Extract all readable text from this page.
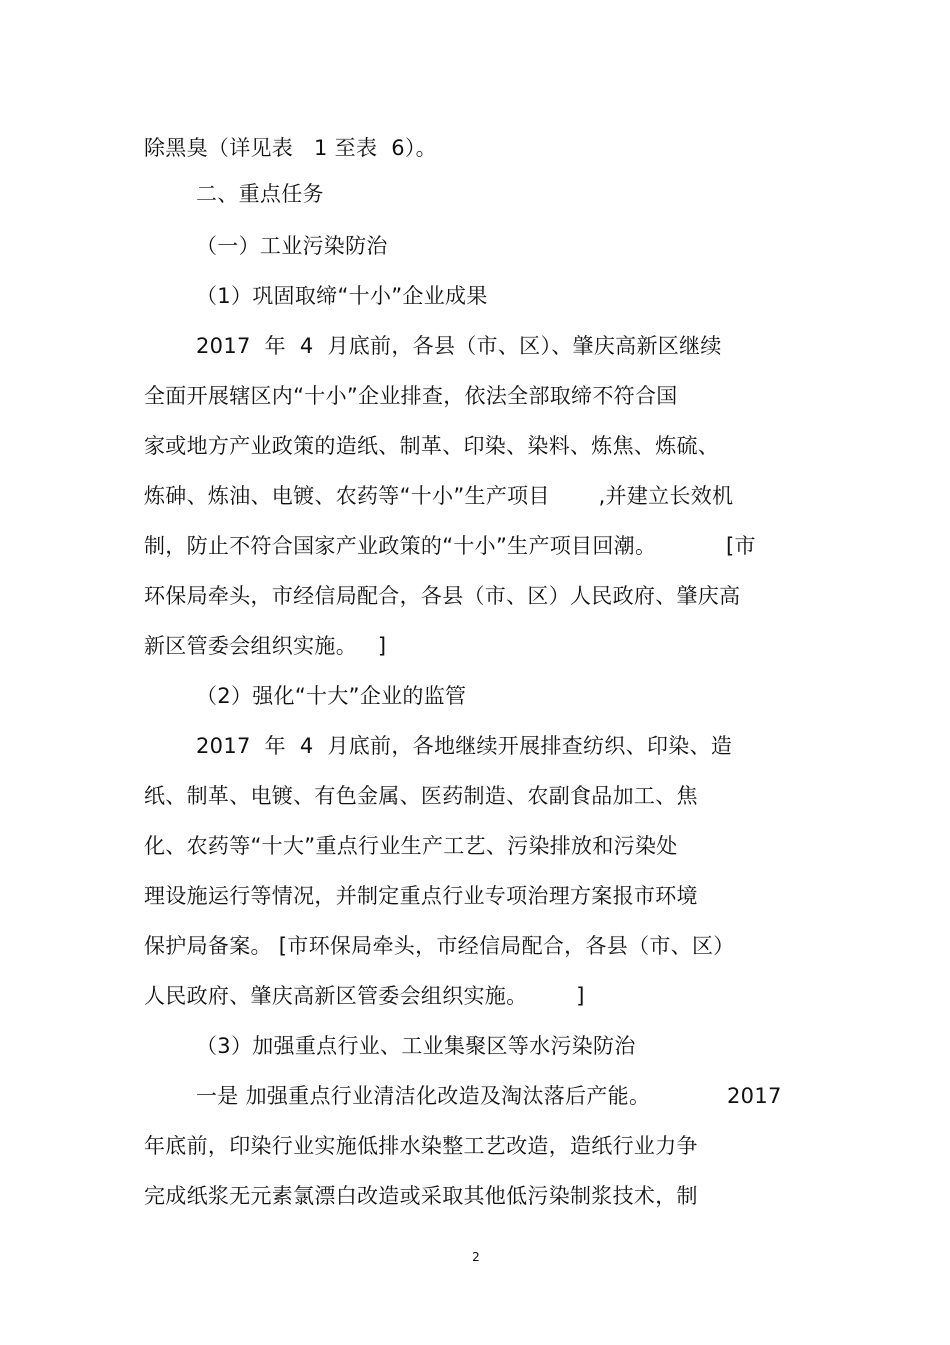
除黑臭（详见表   1 至表  6）。
二、重点任务
（一）工业污染防治
（1）巩固取缔“十小”企业成果
2017  年  4  月底前，各县（市、区）、肇庆高新区继续
全面开展辖区内“十小”企业排查，依法全部取缔不符合国
家或地方产业政策的造纸、制革、印染、染料、炼焦、炼硫、
炼砷、炼油、电镀、农药等“十小”生产项目       ,并建立长效机
制，防止不符合国家产业政策的“十小”生产项目回潮。          [市
环保局牵头，市经信局配合，各县（市、区）人民政府、肇庆高
新区管委会组织实施。   ]
（2）强化“十大”企业的监管
2017  年  4  月底前，各地继续开展排查纺织、印染、造
纸、制革、电镀、有色金属、医药制造、农副食品加工、焦
化、农药等“十大”重点行业生产工艺、污染排放和污染处
理设施运行等情况，并制定重点行业专项治理方案报市环境
保护局备案。 [市环保局牵头，市经信局配合，各县（市、区）
人民政府、肇庆高新区管委会组织实施。       ]
（3）加强重点行业、工业集聚区等水污染防治
一是 加强重点行业清洁化改造及淘汰落后产能。           2017
年底前，印染行业实施低排水染整工艺改造，造纸行业力争
完成纸浆无元素氯漂白改造或采取其他低污染制浆技术，制
2
